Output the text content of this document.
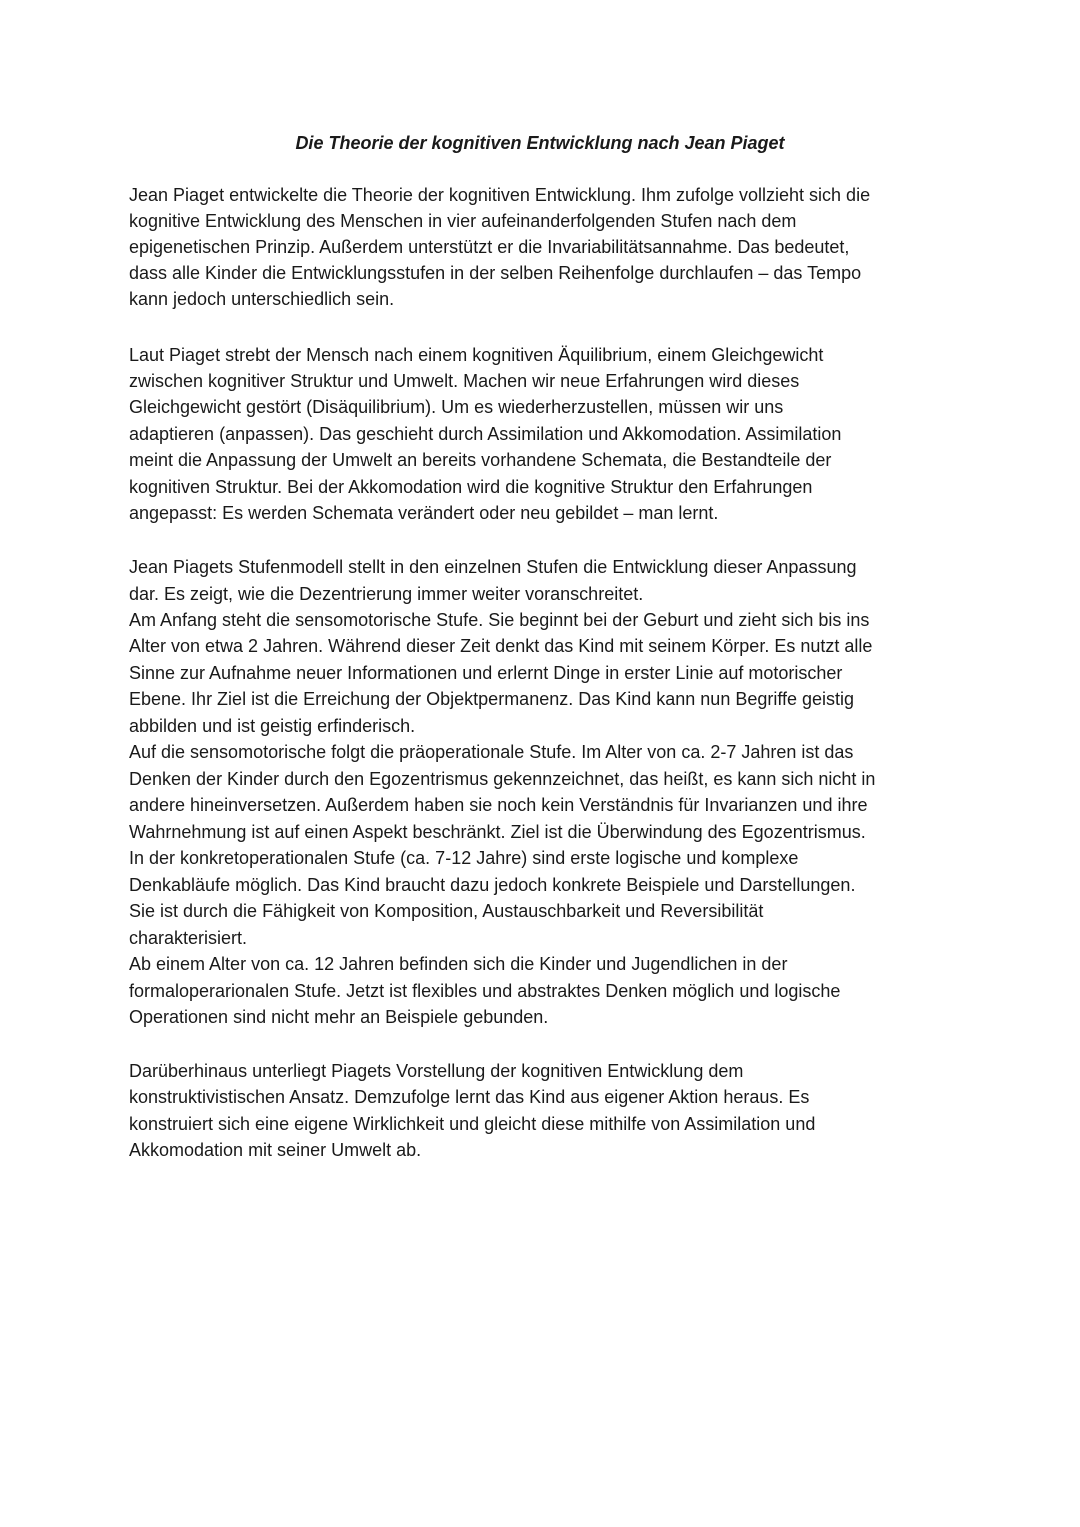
Die Theorie der kognitiven Entwicklung nach Jean Piaget

Jean Piaget entwickelte die Theorie der kognitiven Entwicklung. Ihm zufolge vollzieht sich die

kognitive Entwicklung des Menschen in vier aufeinanderfolgenden Stufen nach dem

epigenetischen Prinzip. Außerdem unterstützt er die Invariabilitätsannahme. Das bedeutet,

dass alle Kinder die Entwicklungsstufen in der selben Reihenfolge durchlaufen – das Tempo

kann jedoch unterschiedlich sein.

Laut Piaget strebt der Mensch nach einem kognitiven Äquilibrium, einem Gleichgewicht

zwischen kognitiver Struktur und Umwelt. Machen wir neue Erfahrungen wird dieses

Gleichgewicht gestört (Disäquilibrium). Um es wiederherzustellen, müssen wir uns

adaptieren (anpassen). Das geschieht durch Assimilation und Akkomodation. Assimilation

meint die Anpassung der Umwelt an bereits vorhandene Schemata, die Bestandteile der

kognitiven Struktur. Bei der Akkomodation wird die kognitive Struktur den Erfahrungen

angepasst: Es werden Schemata verändert oder neu gebildet – man lernt.

Jean Piagets Stufenmodell stellt in den einzelnen Stufen die Entwicklung dieser Anpassung

dar. Es zeigt, wie die Dezentrierung immer weiter voranschreitet.

Am Anfang steht die sensomotorische Stufe. Sie beginnt bei der Geburt und zieht sich bis ins

Alter von etwa 2 Jahren. Während dieser Zeit denkt das Kind mit seinem Körper. Es nutzt alle

Sinne zur Aufnahme neuer Informationen und erlernt Dinge in erster Linie auf motorischer

Ebene. Ihr Ziel ist die Erreichung der Objektpermanenz. Das Kind kann nun Begriffe geistig

abbilden und ist geistig erfinderisch.

Auf die sensomotorische folgt die präoperationale Stufe. Im Alter von ca. 2-7 Jahren ist das

Denken der Kinder durch den Egozentrismus gekennzeichnet, das heißt, es kann sich nicht in

andere hineinversetzen. Außerdem haben sie noch kein Verständnis für Invarianzen und ihre

Wahrnehmung ist auf einen Aspekt beschränkt. Ziel ist die Überwindung des Egozentrismus.

In der konkretoperationalen Stufe (ca. 7-12 Jahre) sind erste logische und komplexe

Denkabläufe möglich. Das Kind braucht dazu jedoch konkrete Beispiele und Darstellungen.

Sie ist durch die Fähigkeit von Komposition, Austauschbarkeit und Reversibilität

charakterisiert.

Ab einem Alter von ca. 12 Jahren befinden sich die Kinder und Jugendlichen in der

formaloperarionalen Stufe. Jetzt ist flexibles und abstraktes Denken möglich und logische

Operationen sind nicht mehr an Beispiele gebunden.

Darüberhinaus unterliegt Piagets Vorstellung der kognitiven Entwicklung dem

konstruktivistischen Ansatz. Demzufolge lernt das Kind aus eigener Aktion heraus. Es

konstruiert sich eine eigene Wirklichkeit und gleicht diese mithilfe von Assimilation und

Akkomodation mit seiner Umwelt ab.
